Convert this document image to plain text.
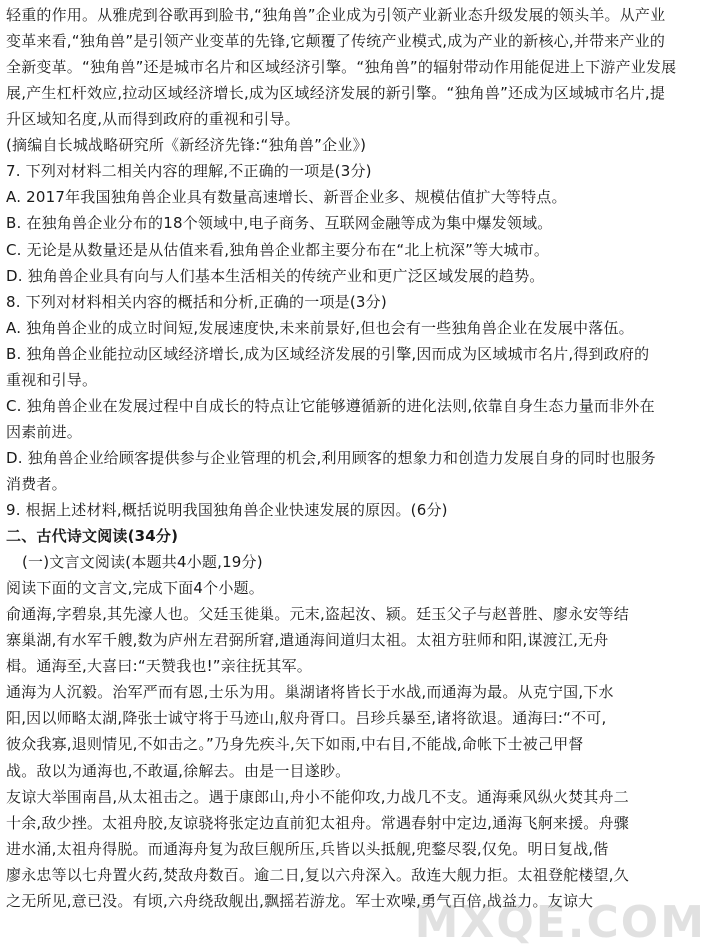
轻重的作用。从雅虎到谷歌再到脸书,“独角兽”企业成为引领产业新业态升级发展的领头羊。从产业
变革来看,“独角兽”是引领产业变革的先锋,它颠覆了传统产业模式,成为产业的新核心,并带来产业的
全新变革。“独角兽”还是城市名片和区域经济引擎。“独角兽”的辐射带动作用能促进上下游产业发展
展,产生杠杆效应,拉动区域经济增长,成为区域经济发展的新引擎。“独角兽”还成为区域城市名片,提
升区域知名度,从而得到政府的重视和引导。
(摘编自长城战略研究所《新经济先锋:“独角兽”企业》)
7. 下列对材料二相关内容的理解,不正确的一项是(3分)
A. 2017年我国独角兽企业具有数量高速增长、新晋企业多、规模估值扩大等特点。
B. 在独角兽企业分布的18个领域中,电子商务、互联网金融等成为集中爆发领域。
C. 无论是从数量还是从估值来看,独角兽企业都主要分布在“北上杭深”等大城市。
D. 独角兽企业具有向与人们基本生活相关的传统产业和更广泛区域发展的趋势。
8. 下列对材料相关内容的概括和分析,正确的一项是(3分)
A. 独角兽企业的成立时间短,发展速度快,未来前景好,但也会有一些独角兽企业在发展中落伍。
B. 独角兽企业能拉动区域经济增长,成为区域经济发展的引擎,因而成为区域城市名片,得到政府的
重视和引导。
C. 独角兽企业在发展过程中自成长的特点让它能够遵循新的进化法则,依靠自身生态力量而非外在
因素前进。
D. 独角兽企业给顾客提供参与企业管理的机会,利用顾客的想象力和创造力发展自身的同时也服务
消费者。
9. 根据上述材料,概括说明我国独角兽企业快速发展的原因。(6分)
二、古代诗文阅读(34分)
(一)文言文阅读(本题共4小题,19分)
阅读下面的文言文,完成下面4个小题。
俞通海,字碧泉,其先濠人也。父廷玉徙巢。元末,盗起汝、颍。廷玉父子与赵普胜、廖永安等结
寨巢湖,有水军千艘,数为庐州左君弼所窘,遣通海间道归太祖。太祖方驻师和阳,谋渡江,无舟
楫。通海至,大喜曰:“天赞我也!”亲往抚其军。
通海为人沉毅。治军严而有恩,士乐为用。巢湖诸将皆长于水战,而通海为最。从克宁国,下水
阳,因以师略太湖,降张士诚守将于马迹山,舣舟胥口。吕珍兵暴至,诸将欲退。通海曰:“不可,
彼众我寡,退则情见,不如击之。”乃身先疾斗,矢下如雨,中右目,不能战,命帐下士被己甲督
战。敌以为通海也,不敢逼,徐解去。由是一目遂眇。
友谅大举围南昌,从太祖击之。遇于康郎山,舟小不能仰攻,力战几不支。通海乘风纵火焚其舟二
十余,敌少挫。太祖舟胶,友谅骁将张定边直前犯太祖舟。常遇春射中定边,通海飞舸来援。舟骤
进水涌,太祖舟得脱。而通海舟复为敌巨舰所压,兵皆以头抵舰,兜鍪尽裂,仅免。明日复战,偕
廖永忠等以七舟置火药,焚敌舟数百。逾二日,复以六舟深入。敌连大舰力拒。太祖登舵楼望,久
之无所见,意已没。有顷,六舟绕敌舰出,飘摇若游龙。军士欢噪,勇气百倍,战益力。友谅大
MXQE.COM
